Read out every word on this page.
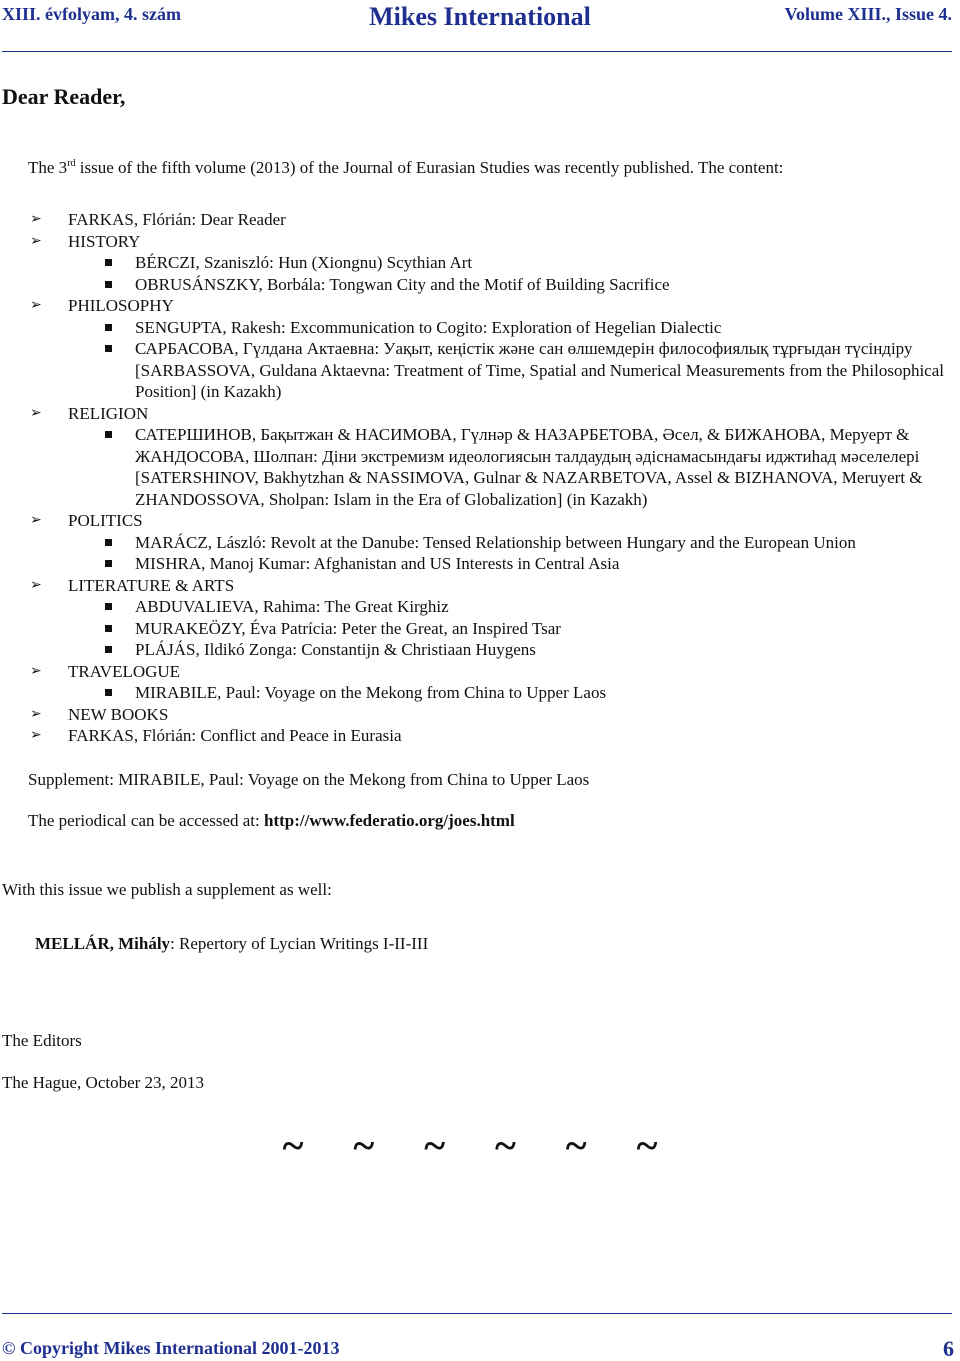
XIII. évfolyam, 4. szám	Mikes International	Volume XIII., Issue 4.
Dear Reader,
The 3rd issue of the fifth volume (2013) of the Journal of Eurasian Studies was recently published. The content:
➢ FARKAS, Flórián: Dear Reader
➢ HISTORY
BÉRCZI, Szaniszló: Hun (Xiongnu) Scythian Art
OBRUSÁNSZKY, Borbála: Tongwan City and the Motif of Building Sacrifice
➢ PHILOSOPHY
SENGUPTA, Rakesh: Excommunication to Cogito: Exploration of Hegelian Dialectic
САРБАСОВА, Гүлдана Актаевна: Уақыт, кеңістік және сан өлшемдерін философиялық тұрғыдан түсіндіру [SARBASSOVA, Guldana Aktaevna: Treatment of Time, Spatial and Numerical Measurements from the Philosophical Position] (in Kazakh)
➢ RELIGION
САТЕРШИНОВ, Бақытжан & НАСИМОВА, Гүлнәр & НАЗАРБЕТОВА, Әсел, & БИЖАНОВА, Меруерт & ЖАНДОСОВА, Шолпан: Діни экстремизм идеологиясын талдаудың әдіснамасындағы иджтиһад мәселелері [SATERSHINOV, Bakhytzhan & NASSIMOVA, Gulnar & NAZARBETOVA, Assel & BIZHANOVA, Meruyert & ZHANDOSSOVA, Sholpan: Islam in the Era of Globalization] (in Kazakh)
➢ POLITICS
MARÁCZ, László: Revolt at the Danube: Tensed Relationship between Hungary and the European Union
MISHRA, Manoj Kumar: Afghanistan and US Interests in Central Asia
➢ LITERATURE & ARTS
ABDUVALIEVA, Rahima: The Great Kirghiz
MURAKEÖZY, Éva Patrícia: Peter the Great, an Inspired Tsar
PLÁJÁS, Ildikó Zonga: Constantijn & Christiaan Huygens
➢ TRAVELOGUE
MIRABILE, Paul: Voyage on the Mekong from China to Upper Laos
➢ NEW BOOKS
➢ FARKAS, Flórián: Conflict and Peace in Eurasia
Supplement: MIRABILE, Paul: Voyage on the Mekong from China to Upper Laos
The periodical can be accessed at: http://www.federatio.org/joes.html
With this issue we publish a supplement as well:
MELLÁR, Mihály: Repertory of Lycian Writings I-II-III
The Editors
The Hague, October 23, 2013
~ ~ ~ ~ ~ ~
© Copyright Mikes International 2001-2013	6
